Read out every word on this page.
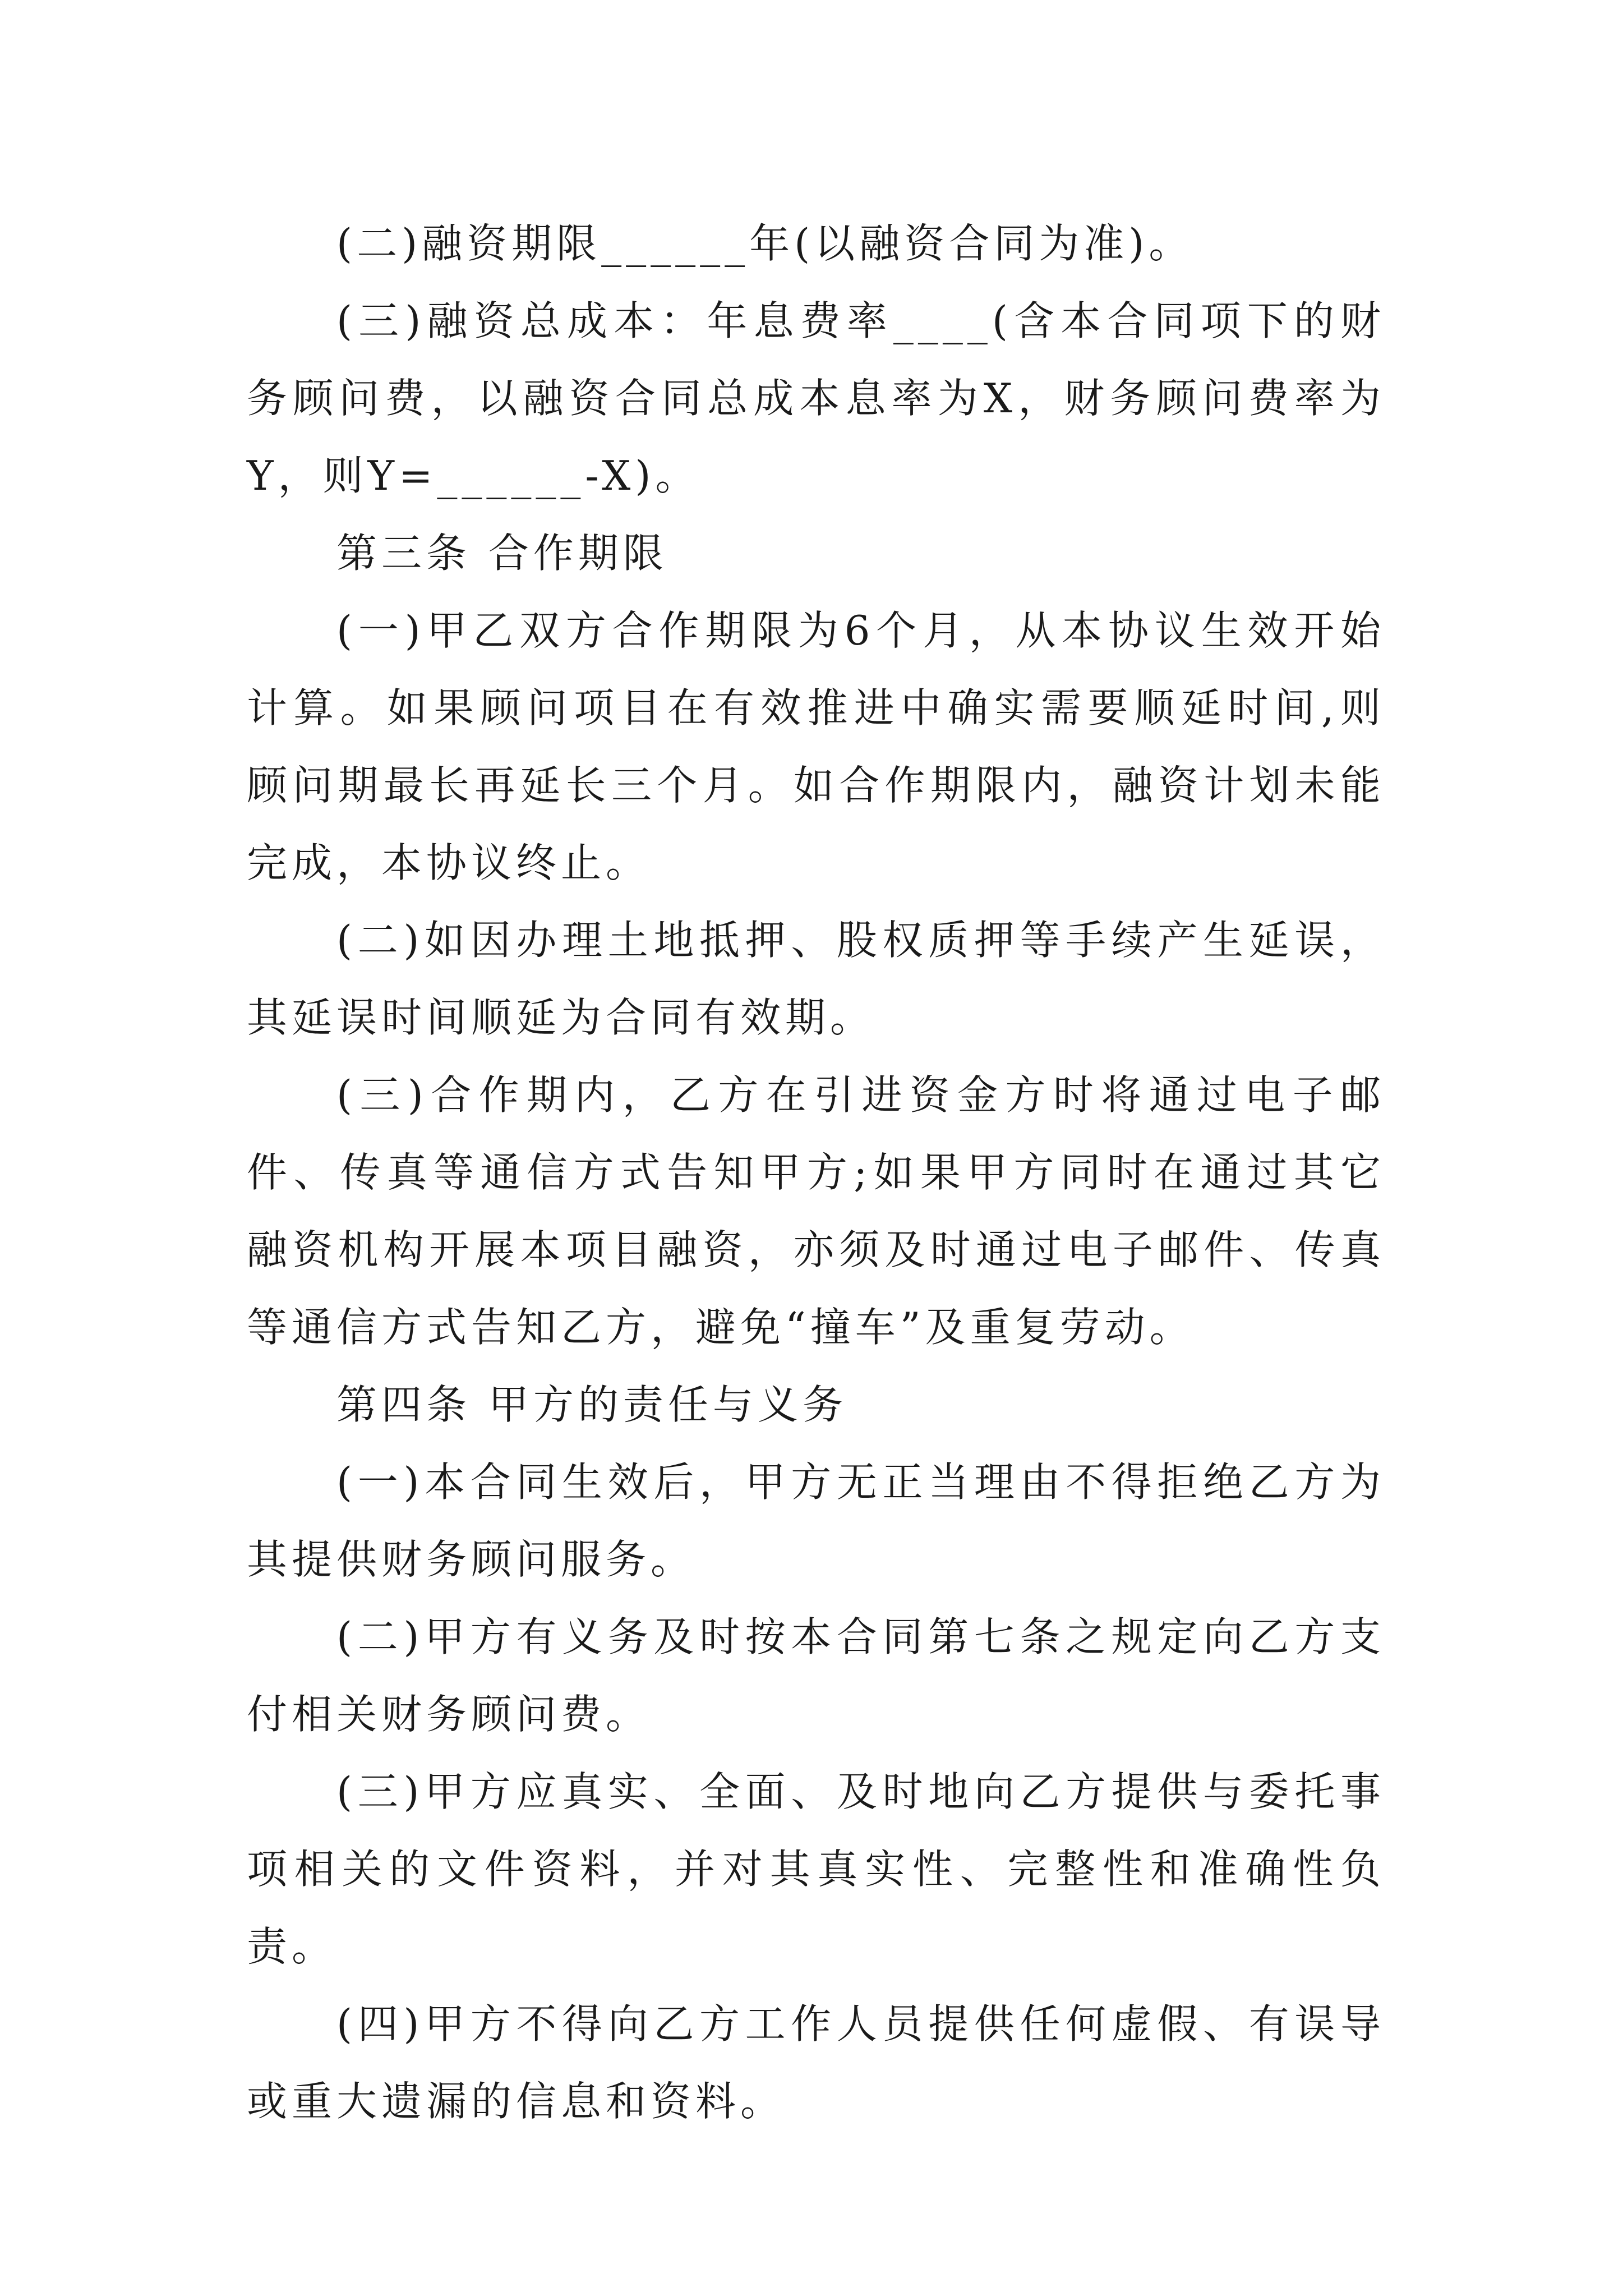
(二)融资期限______年(以融资合同为准)。

(三)融资总成本：年息费率____(含本合同项下的财务顾问费，以融资合同总成本息率为X，财务顾问费率为Y，则Y=______-X)。

第三条 合作期限

(一)甲乙双方合作期限为6个月，从本协议生效开始计算。如果顾问项目在有效推进中确实需要顺延时间,则顾问期最长再延长三个月。如合作期限内，融资计划未能完成，本协议终止。

(二)如因办理土地抵押、股权质押等手续产生延误，其延误时间顺延为合同有效期。

(三)合作期内，乙方在引进资金方时将通过电子邮件、传真等通信方式告知甲方;如果甲方同时在通过其它融资机构开展本项目融资，亦须及时通过电子邮件、传真等通信方式告知乙方，避免“撞车”及重复劳动。

第四条 甲方的责任与义务

(一)本合同生效后，甲方无正当理由不得拒绝乙方为其提供财务顾问服务。

(二)甲方有义务及时按本合同第七条之规定向乙方支付相关财务顾问费。

(三)甲方应真实、全面、及时地向乙方提供与委托事项相关的文件资料，并对其真实性、完整性和准确性负责。

(四)甲方不得向乙方工作人员提供任何虚假、有误导或重大遗漏的信息和资料。
